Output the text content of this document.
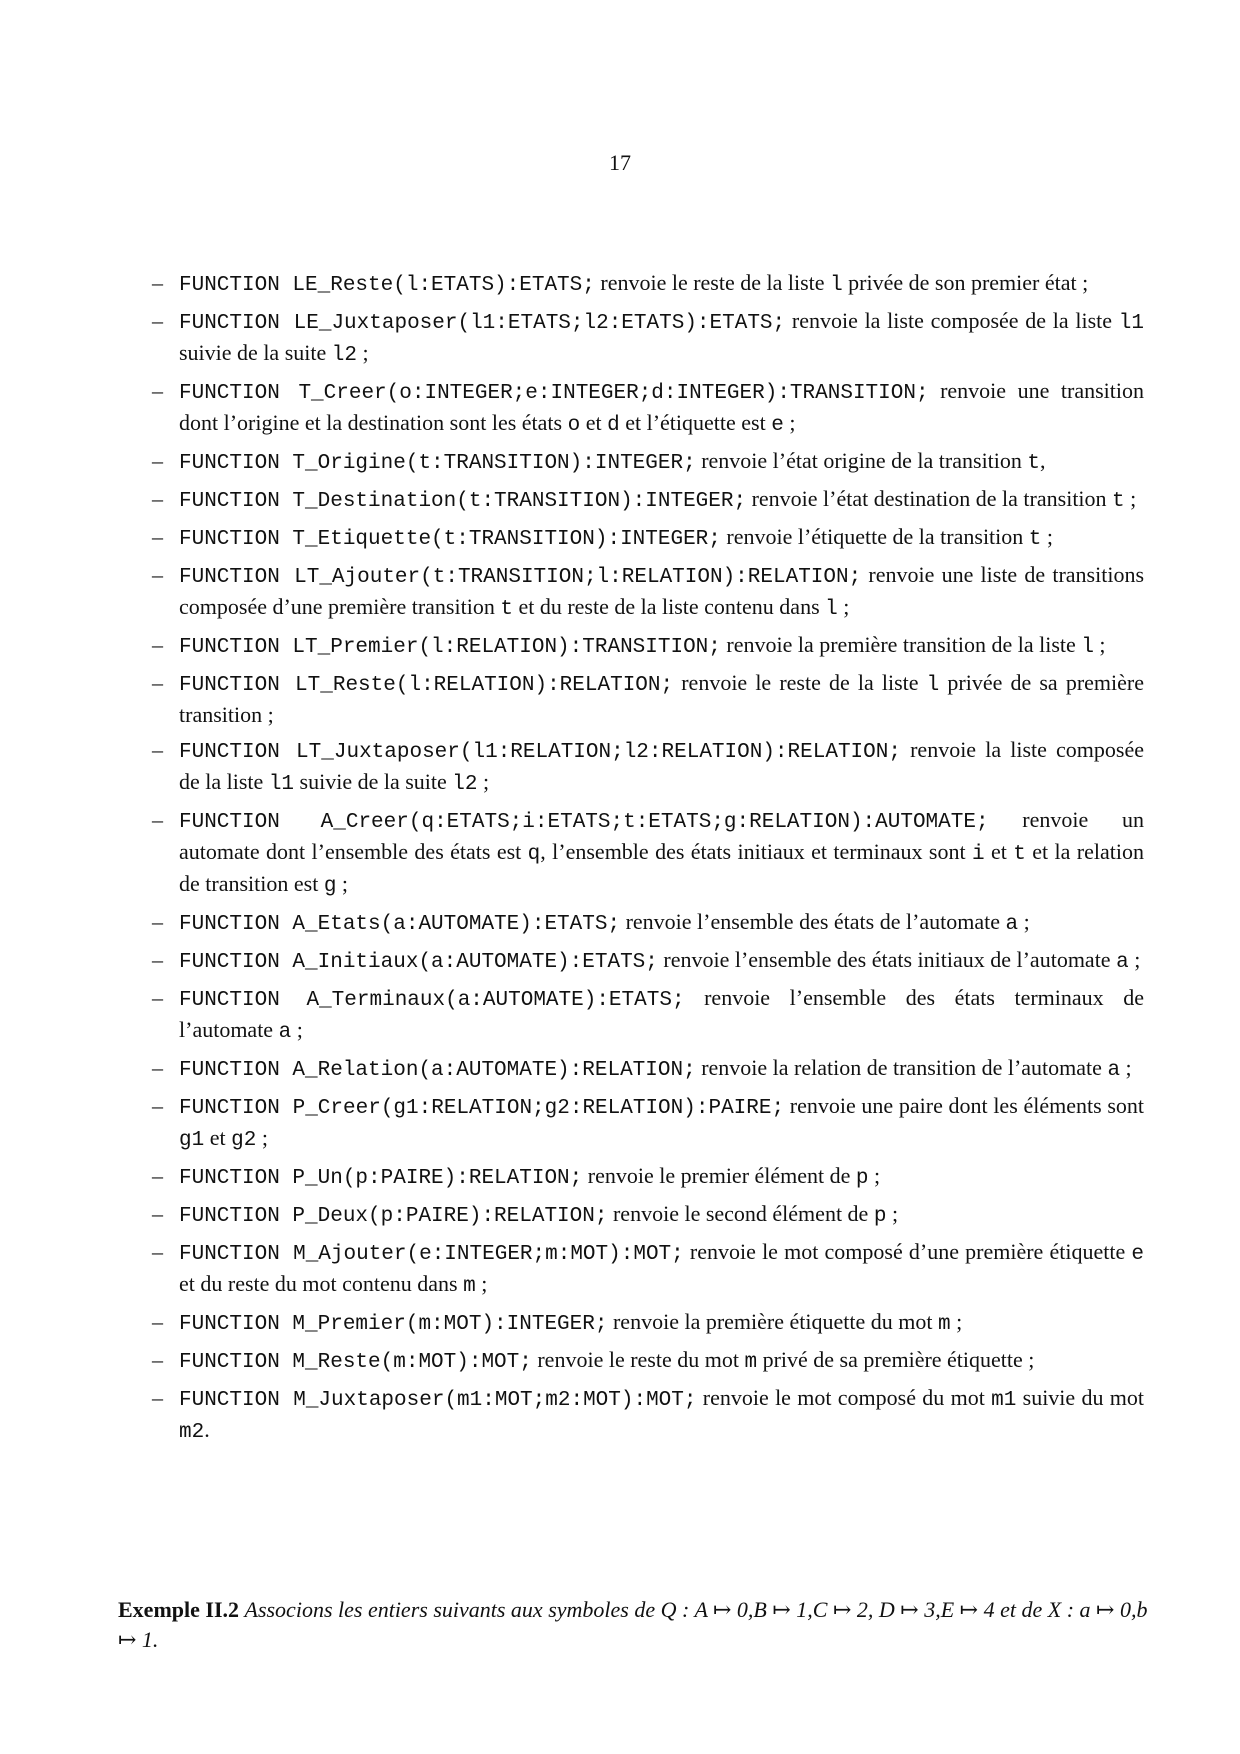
17
– FUNCTION LE_Reste(l:ETATS):ETATS; renvoie le reste de la liste l privée de son premier état ;
– FUNCTION LE_Juxtaposer(l1:ETATS;l2:ETATS):ETATS; renvoie la liste composée de la liste l1 suivie de la suite l2 ;
– FUNCTION T_Creer(o:INTEGER;e:INTEGER;d:INTEGER):TRANSITION; renvoie une transition dont l’origine et la destination sont les états o et d et l’étiquette est e ;
– FUNCTION T_Origine(t:TRANSITION):INTEGER; renvoie l’état origine de la transition t,
– FUNCTION T_Destination(t:TRANSITION):INTEGER; renvoie l’état destination de la transition t ;
– FUNCTION T_Etiquette(t:TRANSITION):INTEGER; renvoie l’étiquette de la transition t ;
– FUNCTION LT_Ajouter(t:TRANSITION;l:RELATION):RELATION; renvoie une liste de transitions composée d’une première transition t et du reste de la liste contenu dans l ;
– FUNCTION LT_Premier(l:RELATION):TRANSITION; renvoie la première transition de la liste l ;
– FUNCTION LT_Reste(l:RELATION):RELATION; renvoie le reste de la liste l privée de sa première transition ;
– FUNCTION LT_Juxtaposer(l1:RELATION;l2:RELATION):RELATION; renvoie la liste composée de la liste l1 suivie de la suite l2 ;
– FUNCTION A_Creer(q:ETATS;i:ETATS;t:ETATS;g:RELATION):AUTOMATE; renvoie un automate dont l’ensemble des états est q, l’ensemble des états initiaux et terminaux sont i et t et la relation de transition est g ;
– FUNCTION A_Etats(a:AUTOMATE):ETATS; renvoie l’ensemble des états de l’automate a ;
– FUNCTION A_Initiaux(a:AUTOMATE):ETATS; renvoie l’ensemble des états initiaux de l’automate a ;
– FUNCTION A_Terminaux(a:AUTOMATE):ETATS; renvoie l’ensemble des états terminaux de l’automate a ;
– FUNCTION A_Relation(a:AUTOMATE):RELATION; renvoie la relation de transition de l’automate a ;
– FUNCTION P_Creer(g1:RELATION;g2:RELATION):PAIRE; renvoie une paire dont les éléments sont g1 et g2 ;
– FUNCTION P_Un(p:PAIRE):RELATION; renvoie le premier élément de p ;
– FUNCTION P_Deux(p:PAIRE):RELATION; renvoie le second élément de p ;
– FUNCTION M_Ajouter(e:INTEGER;m:MOT):MOT; renvoie le mot composé d’une première étiquette e et du reste du mot contenu dans m ;
– FUNCTION M_Premier(m:MOT):INTEGER; renvoie la première étiquette du mot m ;
– FUNCTION M_Reste(m:MOT):MOT; renvoie le reste du mot m privé de sa première étiquette ;
– FUNCTION M_Juxtaposer(m1:MOT;m2:MOT):MOT; renvoie le mot composé du mot m1 suivie du mot m2.
Exemple II.2 Associons les entiers suivants aux symboles de Q : A ↦ 0,B ↦ 1,C ↦ 2, D ↦ 3,E ↦ 4 et de X : a ↦ 0,b ↦ 1.
